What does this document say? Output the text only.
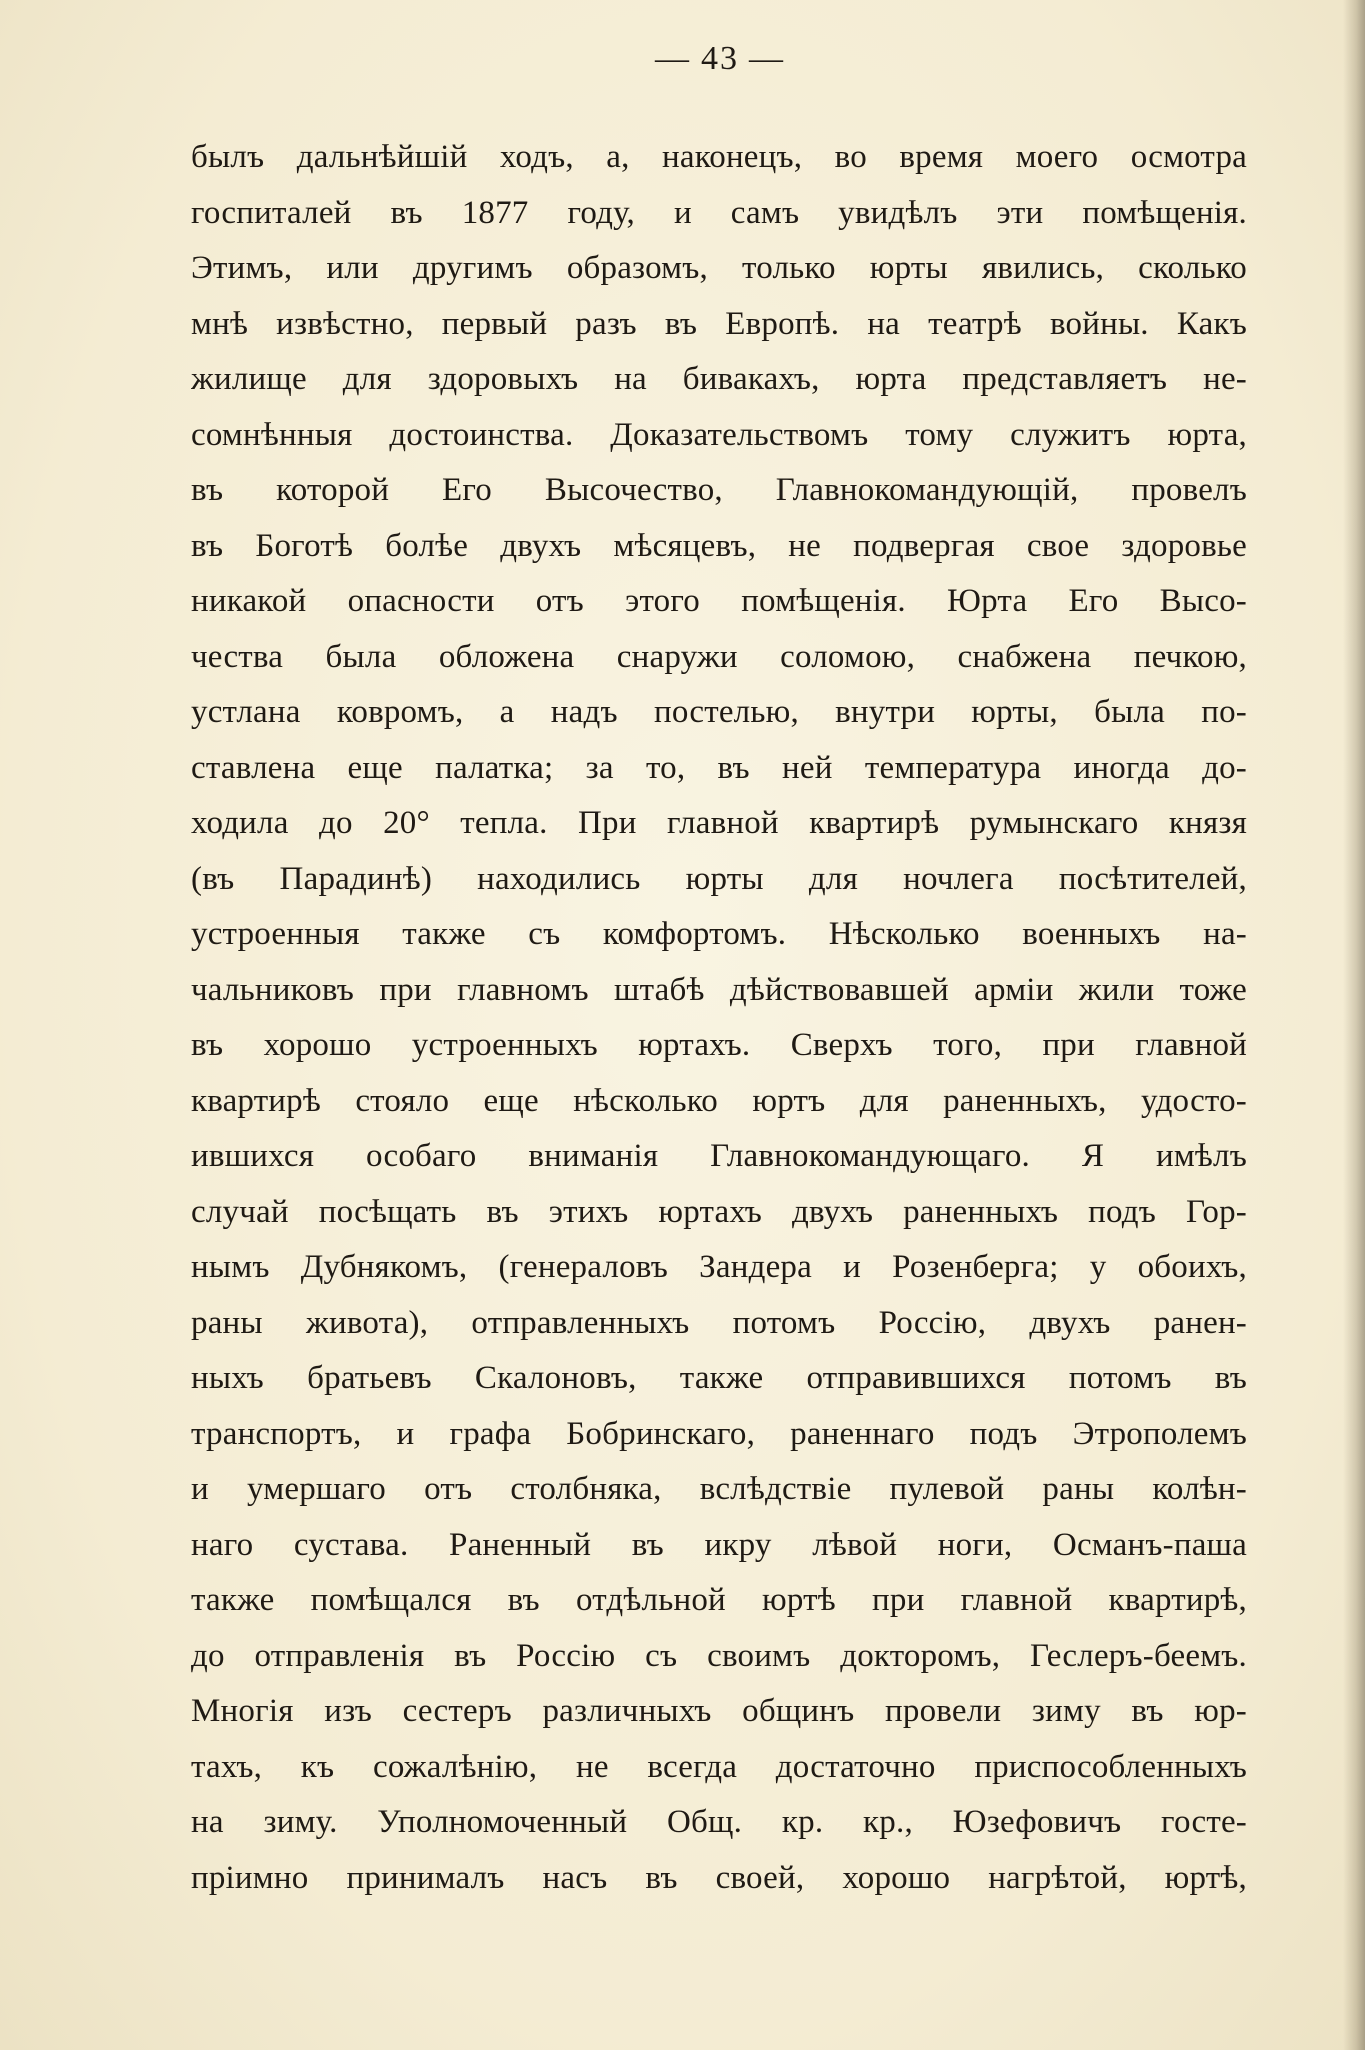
— 43 —
былъ дальнѣйшій ходъ, а, наконецъ, во время моего осмотра
госпиталей въ 1877 году, и самъ увидѣлъ эти помѣщенія.
Этимъ, или другимъ образомъ, только юрты явились, сколько
мнѣ извѣстно, первый разъ въ Европѣ. на театрѣ войны. Какъ
жилище для здоровыхъ на бивакахъ, юрта представляетъ не-
сомнѣнныя достоинства. Доказательствомъ тому служитъ юрта,
въ которой Его Высочество, Главнокомандующій, провелъ
въ Боготѣ болѣе двухъ мѣсяцевъ, не подвергая свое здоровье
никакой опасности отъ этого помѣщенія. Юрта Его Высо-
чества была обложена снаружи соломою, снабжена печкою,
устлана ковромъ, а надъ постелью, внутри юрты, была по-
ставлена еще палатка; за то, въ ней температура иногда до-
ходила до 20° тепла. При главной квартирѣ румынскаго князя
(въ Парадинѣ) находились юрты для ночлега посѣтителей,
устроенныя также съ комфортомъ. Нѣсколько военныхъ на-
чальниковъ при главномъ штабѣ дѣйствовавшей арміи жили тоже
въ хорошо устроенныхъ юртахъ. Сверхъ того, при главной
квартирѣ стояло еще нѣсколько юртъ для раненныхъ, удосто-
ившихся особаго вниманія Главнокомандующаго. Я имѣлъ
случай посѣщать въ этихъ юртахъ двухъ раненныхъ подъ Гор-
нымъ Дубнякомъ, (генераловъ Зандера и Розенберга; у обоихъ,
раны живота), отправленныхъ потомъ Россію, двухъ ранен-
ныхъ братьевъ Скалоновъ, также отправившихся потомъ въ
транспортъ, и графа Бобринскаго, раненнаго подъ Этрополемъ
и умершаго отъ столбняка, вслѣдствіе пулевой раны колѣн-
наго сустава. Раненный въ икру лѣвой ноги, Османъ-паша
также помѣщался въ отдѣльной юртѣ при главной квартирѣ,
до отправленія въ Россію съ своимъ докторомъ, Геслеръ-беемъ.
Многія изъ сестеръ различныхъ общинъ провели зиму въ юр-
тахъ, къ сожалѣнію, не всегда достаточно приспособленныхъ
на зиму. Уполномоченный Общ. кр. кр., Юзефовичъ госте-
пріимно принималъ насъ въ своей, хорошо нагрѣтой, юртѣ,
